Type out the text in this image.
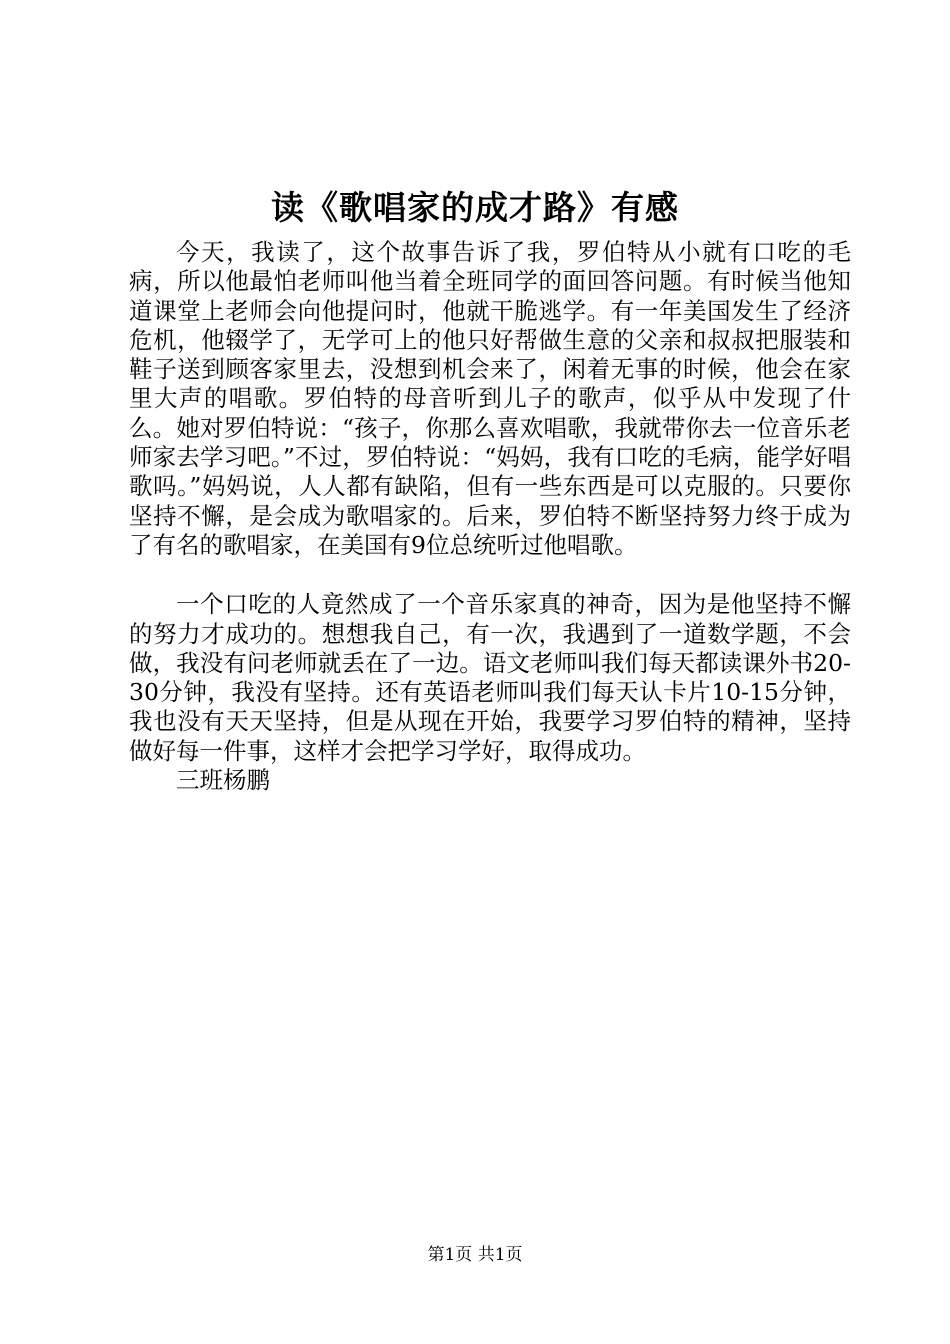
读《歌唱家的成才路》有感

今天，我读了，这个故事告诉了我，罗伯特从小就有口吃的毛病，所以他最怕老师叫他当着全班同学的面回答问题。有时候当他知道课堂上老师会向他提问时，他就干脆逃学。有一年美国发生了经济危机，他辍学了，无学可上的他只好帮做生意的父亲和叔叔把服装和鞋子送到顾客家里去，没想到机会来了，闲着无事的时候，他会在家里大声的唱歌。罗伯特的母音听到儿子的歌声，似乎从中发现了什么。她对罗伯特说：“孩子，你那么喜欢唱歌，我就带你去一位音乐老师家去学习吧。”不过，罗伯特说：“妈妈，我有口吃的毛病，能学好唱歌吗。”妈妈说，人人都有缺陷，但有一些东西是可以克服的。只要你坚持不懈，是会成为歌唱家的。后来，罗伯特不断坚持努力终于成为了有名的歌唱家，在美国有9位总统听过他唱歌。

一个口吃的人竟然成了一个音乐家真的神奇，因为是他坚持不懈的努力才成功的。想想我自己，有一次，我遇到了一道数学题，不会做，我没有问老师就丢在了一边。语文老师叫我们每天都读课外书20-30分钟，我没有坚持。还有英语老师叫我们每天认卡片10-15分钟，我也没有天天坚持，但是从现在开始，我要学习罗伯特的精神，坚持做好每一件事，这样才会把学习学好，取得成功。

三班杨鹏

第1页 共1页
